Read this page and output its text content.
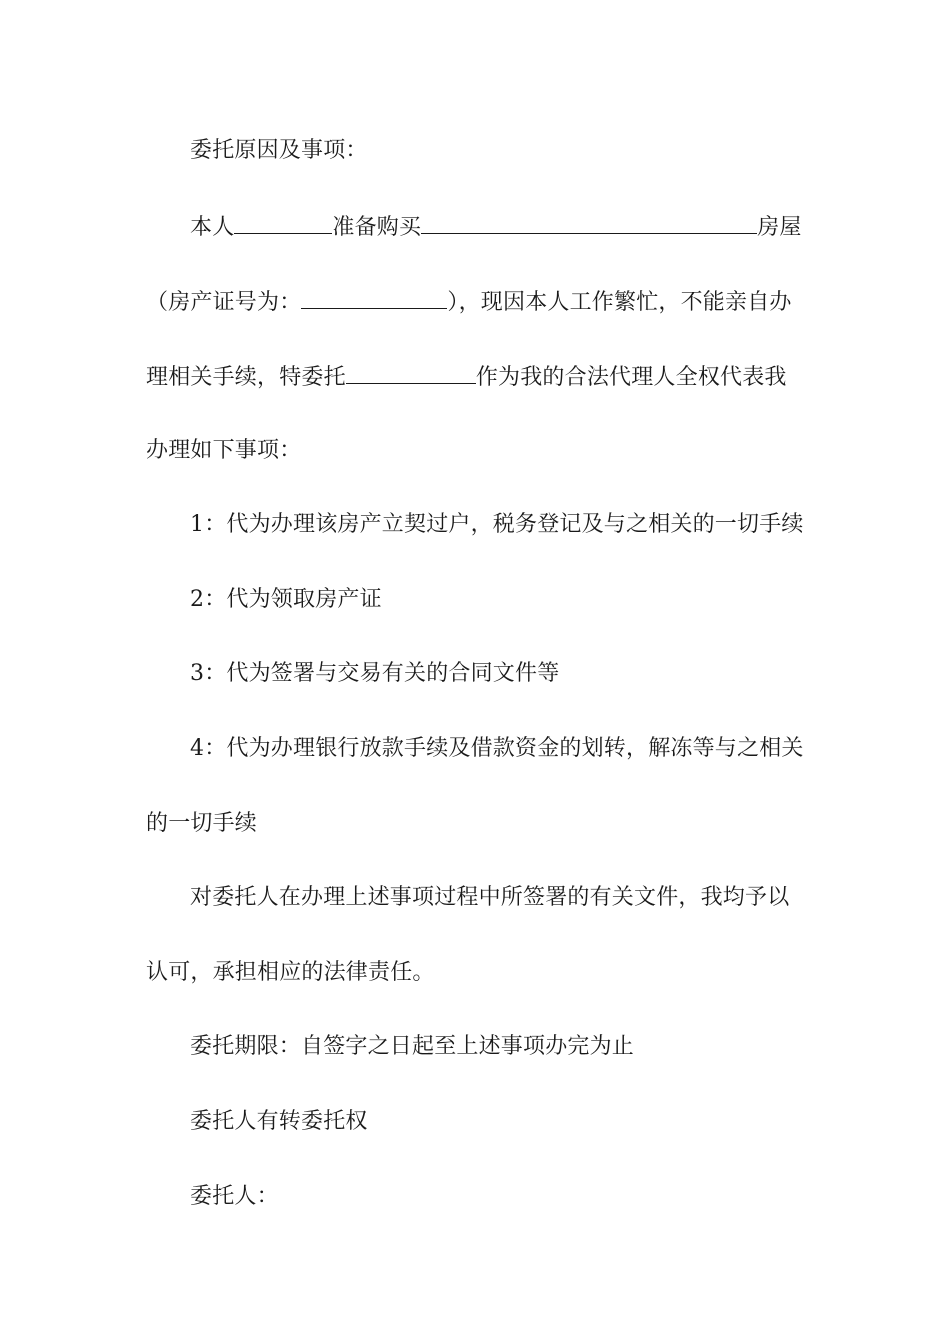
委托原因及事项：
本人	准备购买	房屋
（房产证号为：	），现因本人工作繁忙，不能亲自办
理相关手续，特委托	作为我的合法代理人全权代表我
办理如下事项：
1：代为办理该房产立契过户，税务登记及与之相关的一切手续
2：代为领取房产证
3：代为签署与交易有关的合同文件等
4：代为办理银行放款手续及借款资金的划转，解冻等与之相关
的一切手续
对委托人在办理上述事项过程中所签署的有关文件，我均予以
认可，承担相应的法律责任。
委托期限：自签字之日起至上述事项办完为止
委托人有转委托权
委托人：
